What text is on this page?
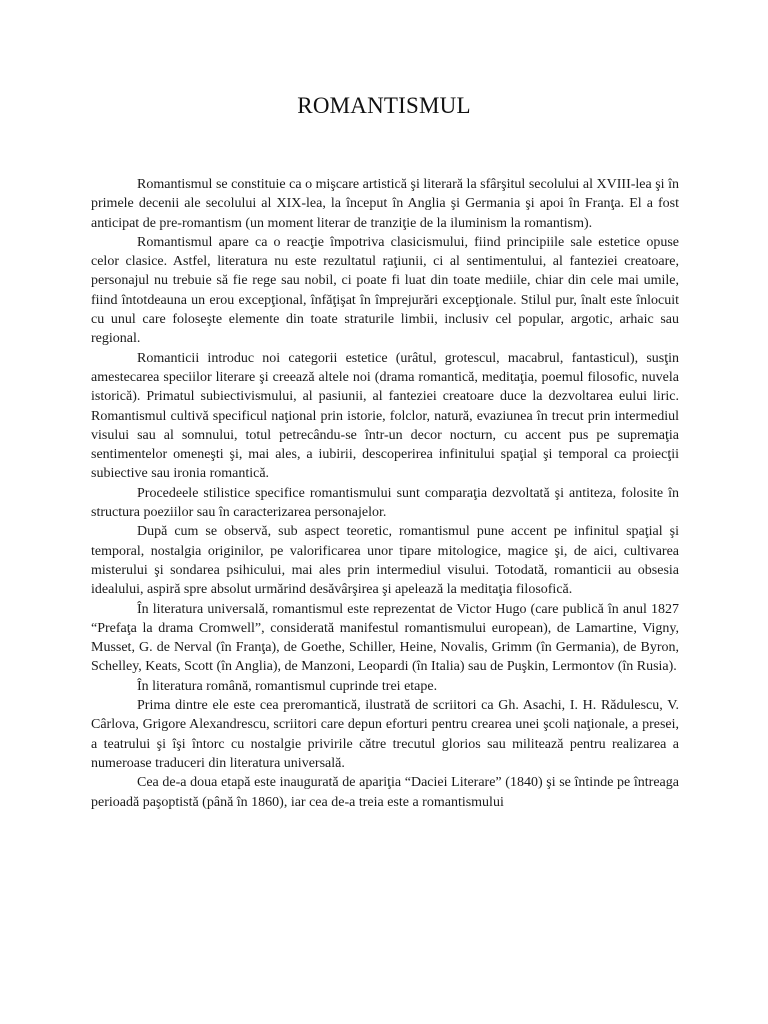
ROMANTISMUL

Romantismul se constituie ca o mişcare artistică şi literară la sfârşitul secolului al XVIII-lea şi în primele decenii ale secolului al XIX-lea, la început în Anglia şi Germania şi apoi în Franţa. El a fost anticipat de pre-romantism (un moment literar de tranziţie de la iluminism la romantism).

Romantismul apare ca o reacţie împotriva clasicismului, fiind principiile sale estetice opuse celor clasice. Astfel, literatura nu este rezultatul raţiunii, ci al sentimentului, al fanteziei creatoare, personajul nu trebuie să fie rege sau nobil, ci poate fi luat din toate mediile, chiar din cele mai umile, fiind întotdeauna un erou excepţional, înfăţişat în împrejurări excepţionale. Stilul pur, înalt este înlocuit cu unul care foloseşte elemente din toate straturile limbii, inclusiv cel popular, argotic, arhaic sau regional.

Romanticii introduc noi categorii estetice (urâtul, grotescul, macabrul, fantasticul), susţin amestecarea speciilor literare şi creează altele noi (drama romantică, meditaţia, poemul filosofic, nuvela istorică). Primatul subiectivismului, al pasiunii, al fanteziei creatoare duce la dezvoltarea eului liric. Romantismul cultivă specificul naţional prin istorie, folclor, natură, evaziunea în trecut prin intermediul visului sau al somnului, totul petrecându-se într-un decor nocturn, cu accent pus pe supremaţia sentimentelor omeneşti şi, mai ales, a iubirii, descoperirea infinitului spaţial şi temporal ca proiecţii subiective sau ironia romantică.

Procedeele stilistice specifice romantismului sunt comparaţia dezvoltată şi antiteza, folosite în structura poeziilor sau în caracterizarea personajelor.

După cum se observă, sub aspect teoretic, romantismul pune accent pe infinitul spaţial şi temporal, nostalgia originilor, pe valorificarea unor tipare mitologice, magice şi, de aici, cultivarea misterului şi sondarea psihicului, mai ales prin intermediul visului. Totodată, romanticii au obsesia idealului, aspiră spre absolut urmărind desăvârşirea şi apelează la meditaţia filosofică.

În literatura universală, romantismul este reprezentat de Victor Hugo (care publică în anul 1827 “Prefaţa la drama Cromwell”, considerată manifestul romantismului european), de Lamartine, Vigny, Musset, G. de Nerval (în Franţa), de Goethe, Schiller, Heine, Novalis, Grimm (în Germania), de Byron, Schelley, Keats, Scott (în Anglia), de Manzoni, Leopardi (în Italia) sau de Puşkin, Lermontov (în Rusia).

În literatura română, romantismul cuprinde trei etape.

Prima dintre ele este cea preromantică, ilustrată de scriitori ca Gh. Asachi, I. H. Rădulescu, V. Cârlova, Grigore Alexandrescu, scriitori care depun eforturi pentru crearea unei şcoli naţionale, a presei, a teatrului şi îşi întorc cu nostalgie privirile către trecutul glorios sau militează pentru realizarea a numeroase traduceri din literatura universală.

Cea de-a doua etapă este inaugurată de apariţia “Daciei Literare” (1840) şi se întinde pe întreaga perioadă paşoptistă (până în 1860), iar cea de-a treia este a romantismului
